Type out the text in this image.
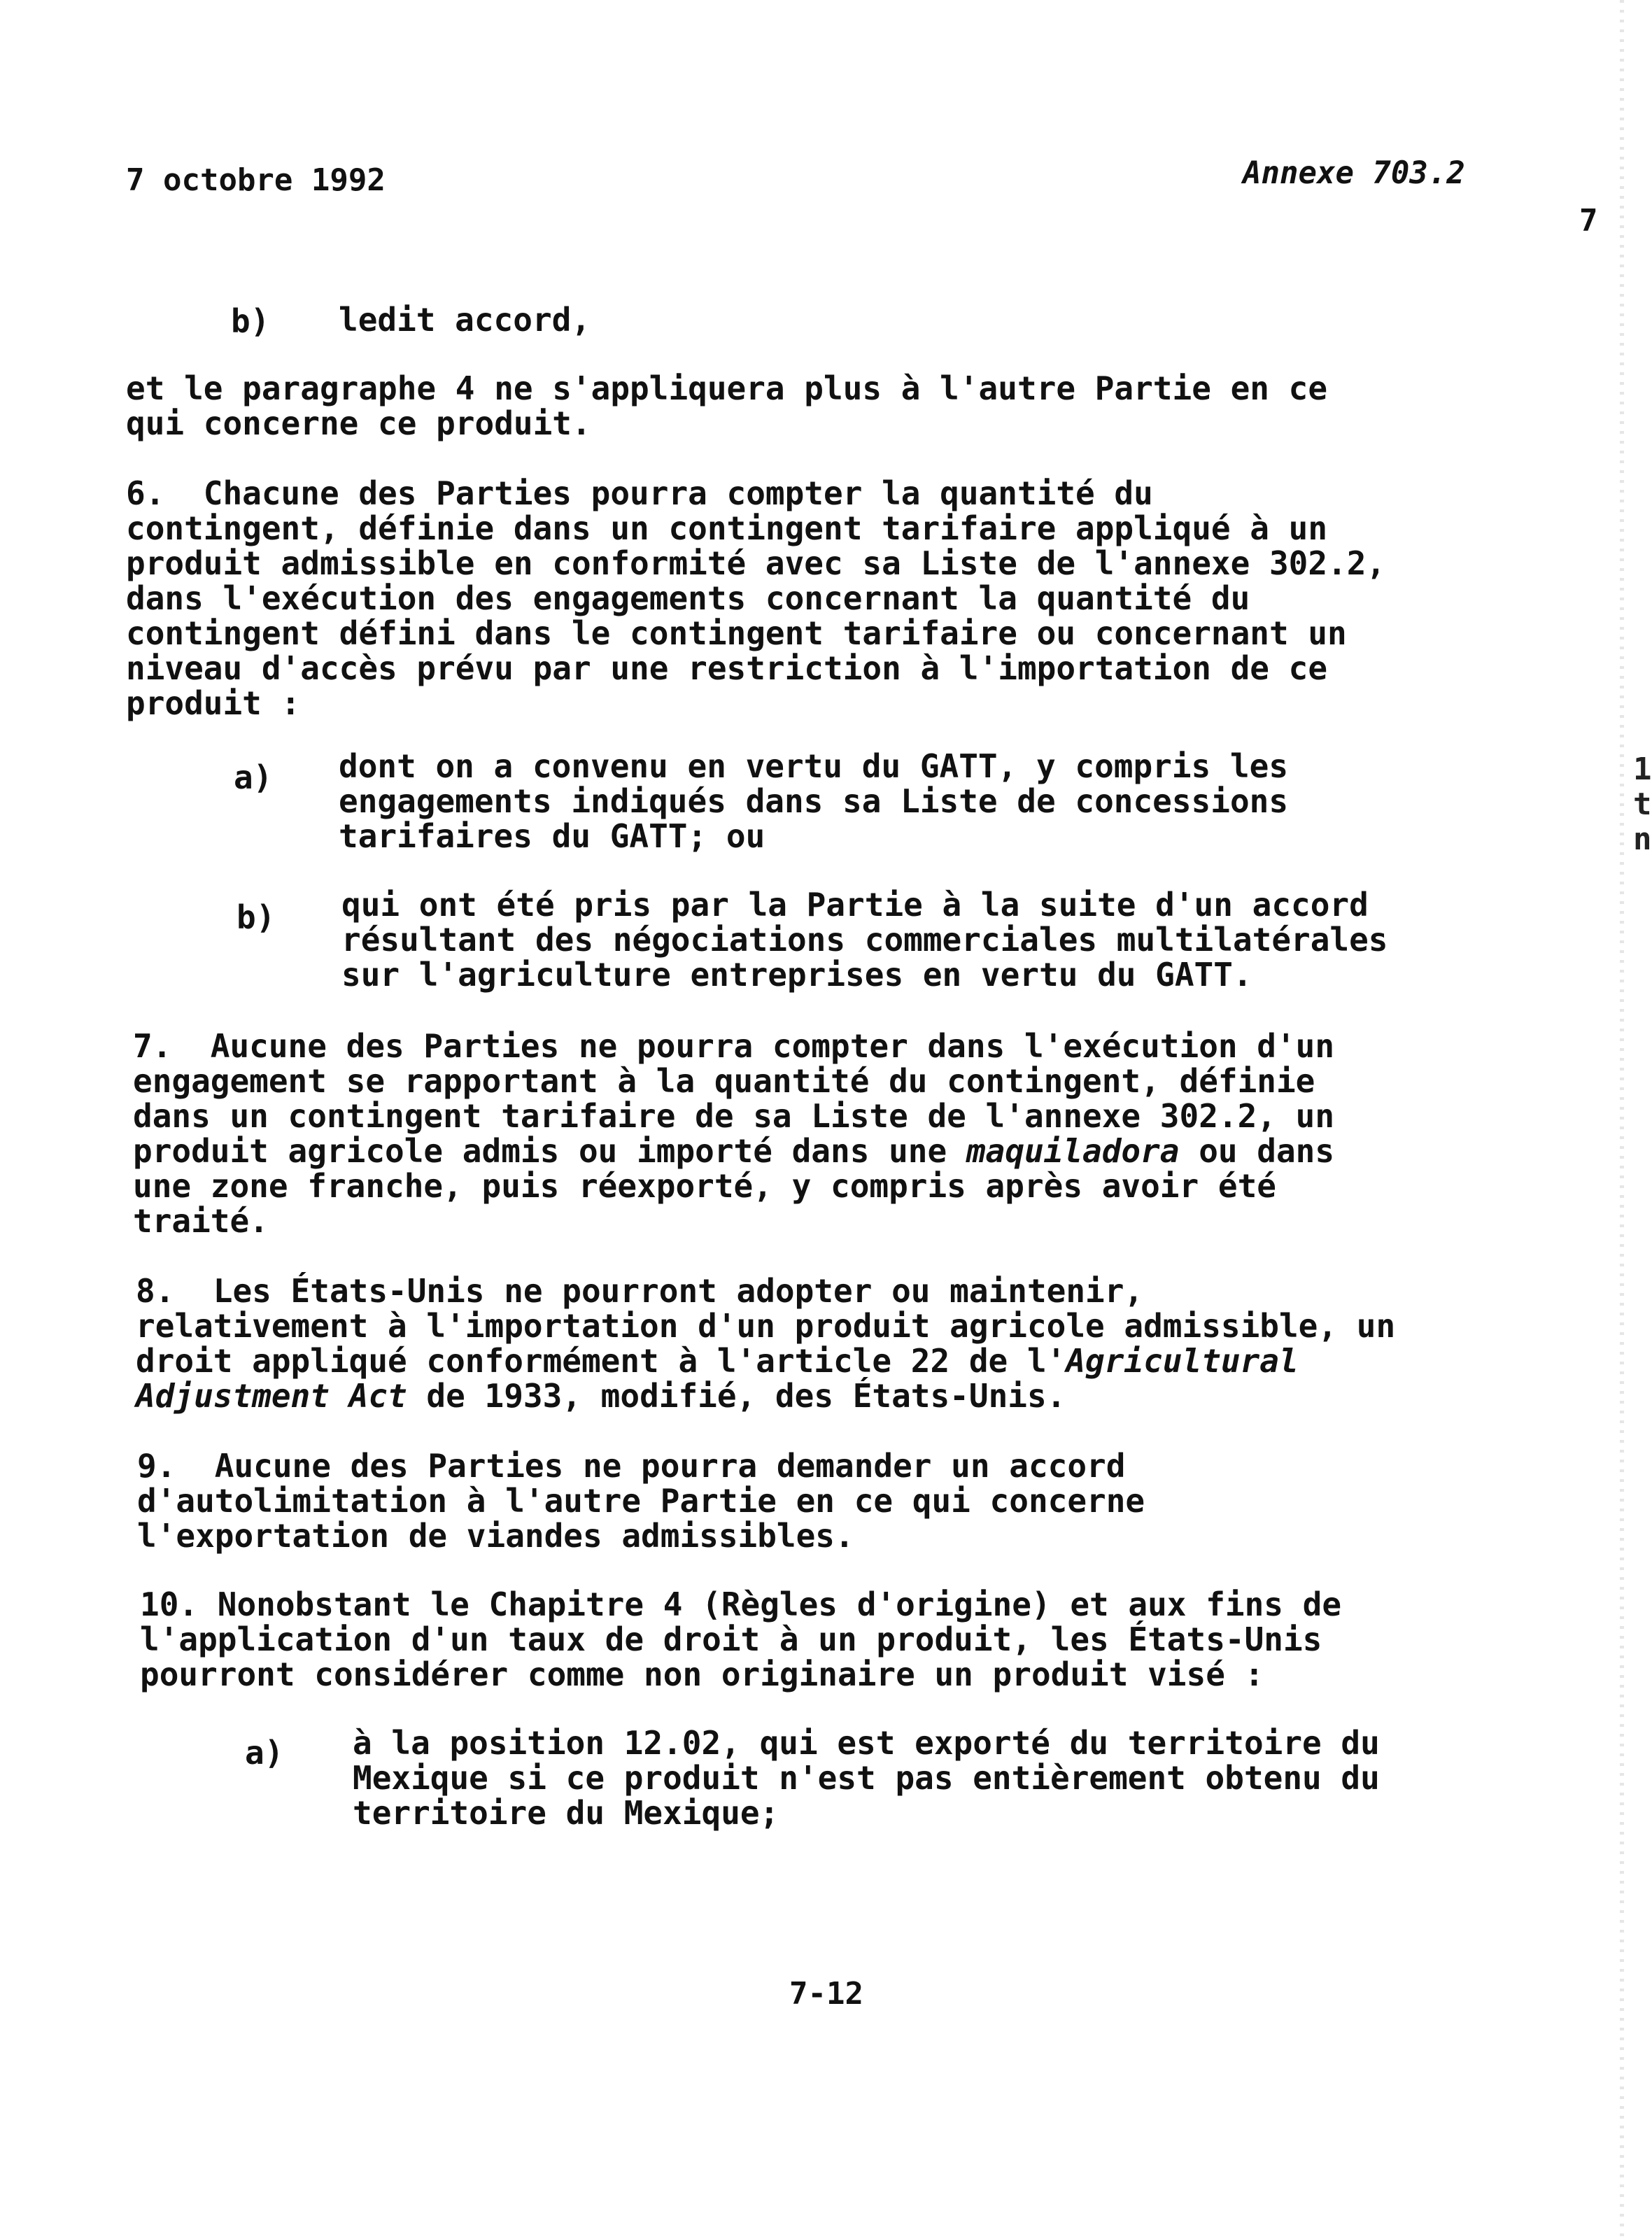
7 octobre 1992	Annexe 703.2
7
b) ledit accord,
et le paragraphe 4 ne s'appliquera plus à l'autre Partie en ce
qui concerne ce produit.
6.  Chacune des Parties pourra compter la quantité du
contingent, définie dans un contingent tarifaire appliqué à un
produit admissible en conformité avec sa Liste de l'annexe 302.2,
dans l'exécution des engagements concernant la quantité du
contingent défini dans le contingent tarifaire ou concernant un
niveau d'accès prévu par une restriction à l'importation de ce
produit :
a) dont on a convenu en vertu du GATT, y compris les
engagements indiqués dans sa Liste de concessions
tarifaires du GATT; ou
b) qui ont été pris par la Partie à la suite d'un accord
résultant des négociations commerciales multilatérales
sur l'agriculture entreprises en vertu du GATT.
7.  Aucune des Parties ne pourra compter dans l'exécution d'un
engagement se rapportant à la quantité du contingent, définie
dans un contingent tarifaire de sa Liste de l'annexe 302.2, un
produit agricole admis ou importé dans une maquiladora ou dans
une zone franche, puis réexporté, y compris après avoir été
traité.
8.  Les États-Unis ne pourront adopter ou maintenir,
relativement à l'importation d'un produit agricole admissible, un
droit appliqué conformément à l'article 22 de l'Agricultural
Adjustment Act de 1933, modifié, des États-Unis.
9.  Aucune des Parties ne pourra demander un accord
d'autolimitation à l'autre Partie en ce qui concerne
l'exportation de viandes admissibles.
10. Nonobstant le Chapitre 4 (Règles d'origine) et aux fins de
l'application d'un taux de droit à un produit, les États-Unis
pourront considérer comme non originaire un produit visé :
a) à la position 12.02, qui est exporté du territoire du
Mexique si ce produit n'est pas entièrement obtenu du
territoire du Mexique;
1
t
n
7-12
